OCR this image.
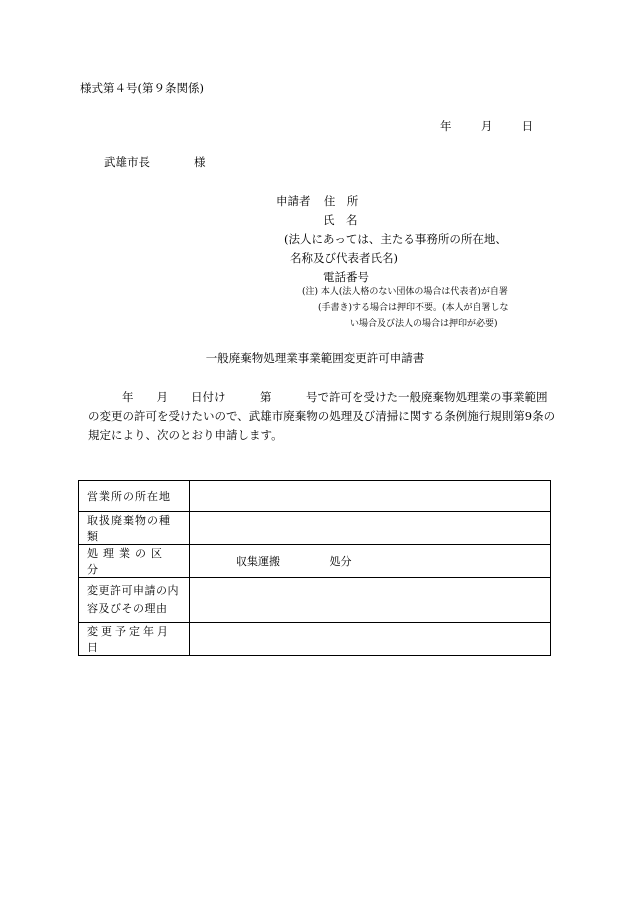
様式第４号(第９条関係)
年	月	日
武雄市長	様
申請者 住　所
氏　名
(法人にあっては、主たる事務所の所在地、
名称及び代表者氏名)
電話番号
(注) 本人(法人格のない団体の場合は代表者)が自署
(手書き)する場合は押印不要。(本人が自署しな
い場合及び法人の場合は押印が必要)
一般廃棄物処理業事業範囲変更許可申請書
年　　月　　日付け　　　第　　　号で許可を受けた一般廃棄物処理業の事業範囲の変更の許可を受けたいので、武雄市廃棄物の処理及び清掃に関する条例施行規則第9条の規定により、次のとおり申請します。
営業所の所在地	
取扱廃棄物の種類	
処理業の区分	収集運搬 処分

変更許可申請の内
容及びその理由	

変更予定年月日	
